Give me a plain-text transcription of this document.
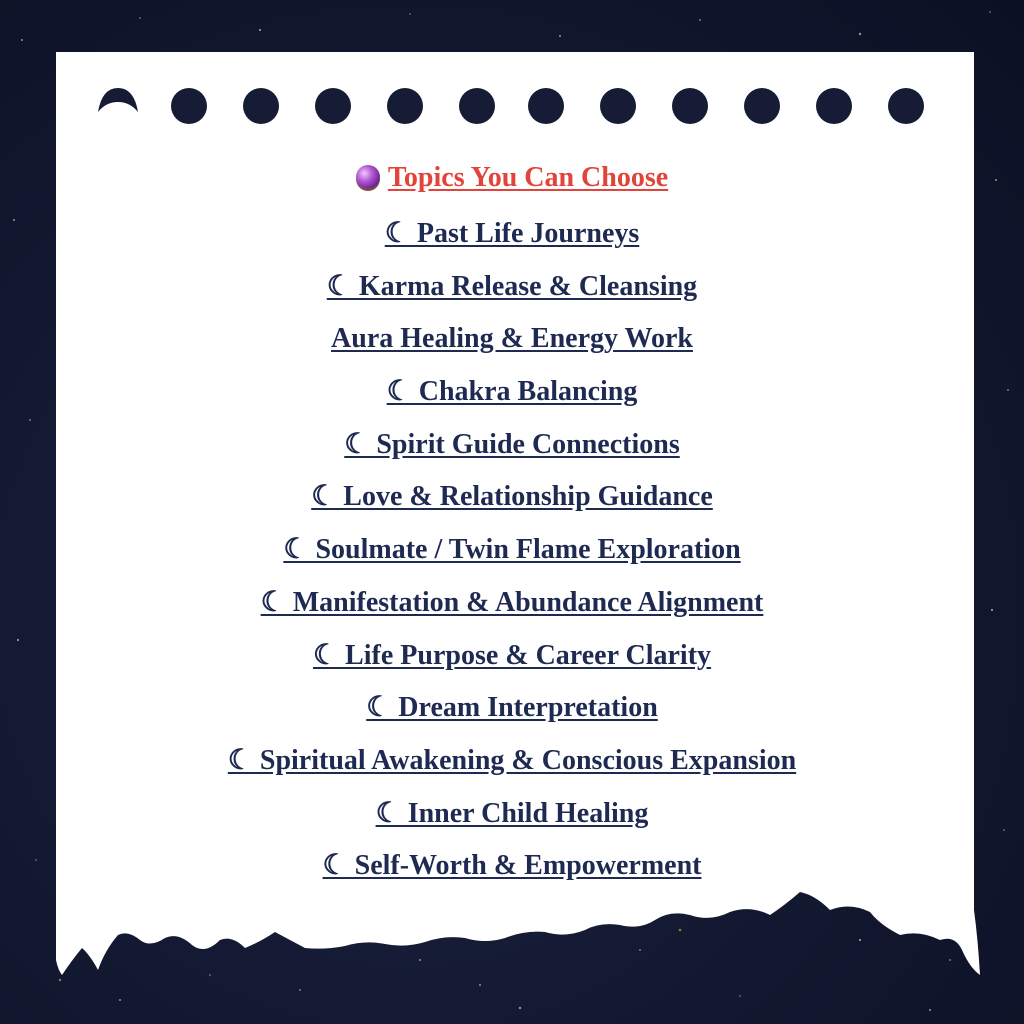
Topics You Can Choose
☾ Past Life Journeys
☾ Karma Release & Cleansing
Aura Healing & Energy Work
☾ Chakra Balancing
☾ Spirit Guide Connections
☾ Love & Relationship Guidance
☾ Soulmate / Twin Flame Exploration
☾ Manifestation & Abundance Alignment
☾ Life Purpose & Career Clarity
☾ Dream Interpretation
☾ Spiritual Awakening & Conscious Expansion
☾ Inner Child Healing
☾ Self-Worth & Empowerment
